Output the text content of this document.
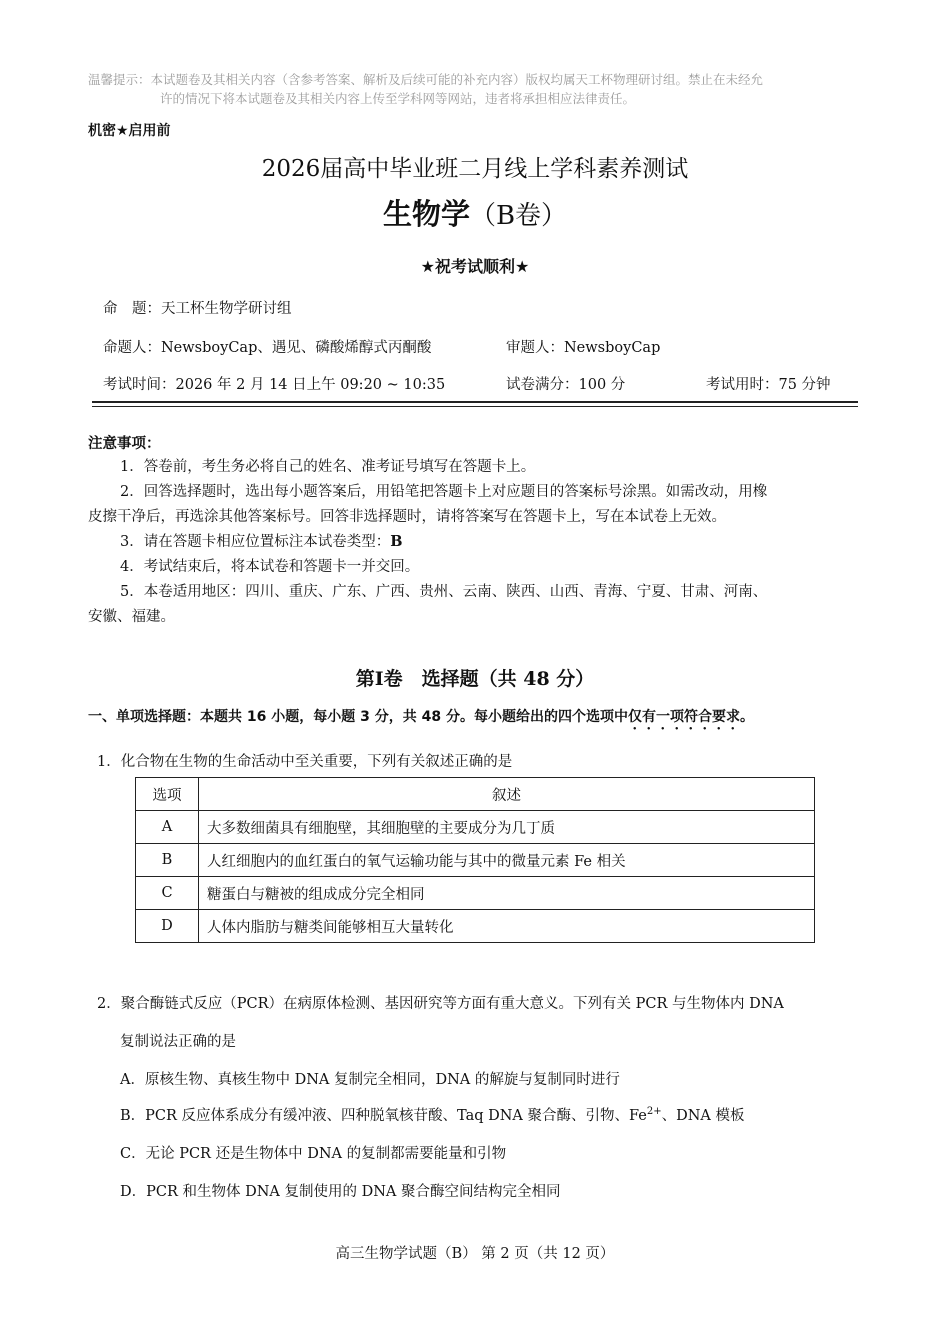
温馨提示：本试题卷及其相关内容（含参考答案、解析及后续可能的补充内容）版权均属天工杯物理研讨组。禁止在未经允
许的情况下将本试题卷及其相关内容上传至学科网等网站，违者将承担相应法律责任。
机密★启用前
2026届高中毕业班二月线上学科素养测试
生物学（B卷）
★祝考试顺利★
命　题：天工杯生物学研讨组
命题人：NewsboyCap、遇见、磷酸烯醇式丙酮酸	审题人：NewsboyCap
考试时间：2026 年 2 月 14 日上午 09:20 ~ 10:35	试卷满分：100 分	考试用时：75 分钟
注意事项：
1．答卷前，考生务必将自己的姓名、准考证号填写在答题卡上。
2．回答选择题时，选出每小题答案后，用铅笔把答题卡上对应题目的答案标号涂黑。如需改动，用橡
皮擦干净后，再选涂其他答案标号。回答非选择题时，请将答案写在答题卡上，写在本试卷上无效。
3．请在答题卡相应位置标注本试卷类型：B
4．考试结束后，将本试卷和答题卡一并交回。
5．本卷适用地区：四川、重庆、广东、广西、贵州、云南、陕西、山西、青海、宁夏、甘肃、河南、
安徽、福建。
第Ⅰ卷　选择题（共 48 分）
一、单项选择题：本题共 16 小题，每小题 3 分，共 48 分。每小题给出的四个选项中仅有一项符合要求。
1．化合物在生物的生命活动中至关重要，下列有关叙述正确的是
选项	叙述
A	大多数细菌具有细胞壁，其细胞壁的主要成分为几丁质
B	人红细胞内的血红蛋白的氧气运输功能与其中的微量元素 Fe 相关
C	糖蛋白与糖被的组成成分完全相同
D	人体内脂肪与糖类间能够相互大量转化
2．聚合酶链式反应（PCR）在病原体检测、基因研究等方面有重大意义。下列有关 PCR 与生物体内 DNA
复制说法正确的是
A．原核生物、真核生物中 DNA 复制完全相同，DNA 的解旋与复制同时进行
B．PCR 反应体系成分有缓冲液、四种脱氧核苷酸、Taq DNA 聚合酶、引物、$Fe^{2+}$、DNA 模板
C．无论 PCR 还是生物体中 DNA 的复制都需要能量和引物
D．PCR 和生物体 DNA 复制使用的 DNA 聚合酶空间结构完全相同
高三生物学试题（B） 第 2 页（共 12 页）
